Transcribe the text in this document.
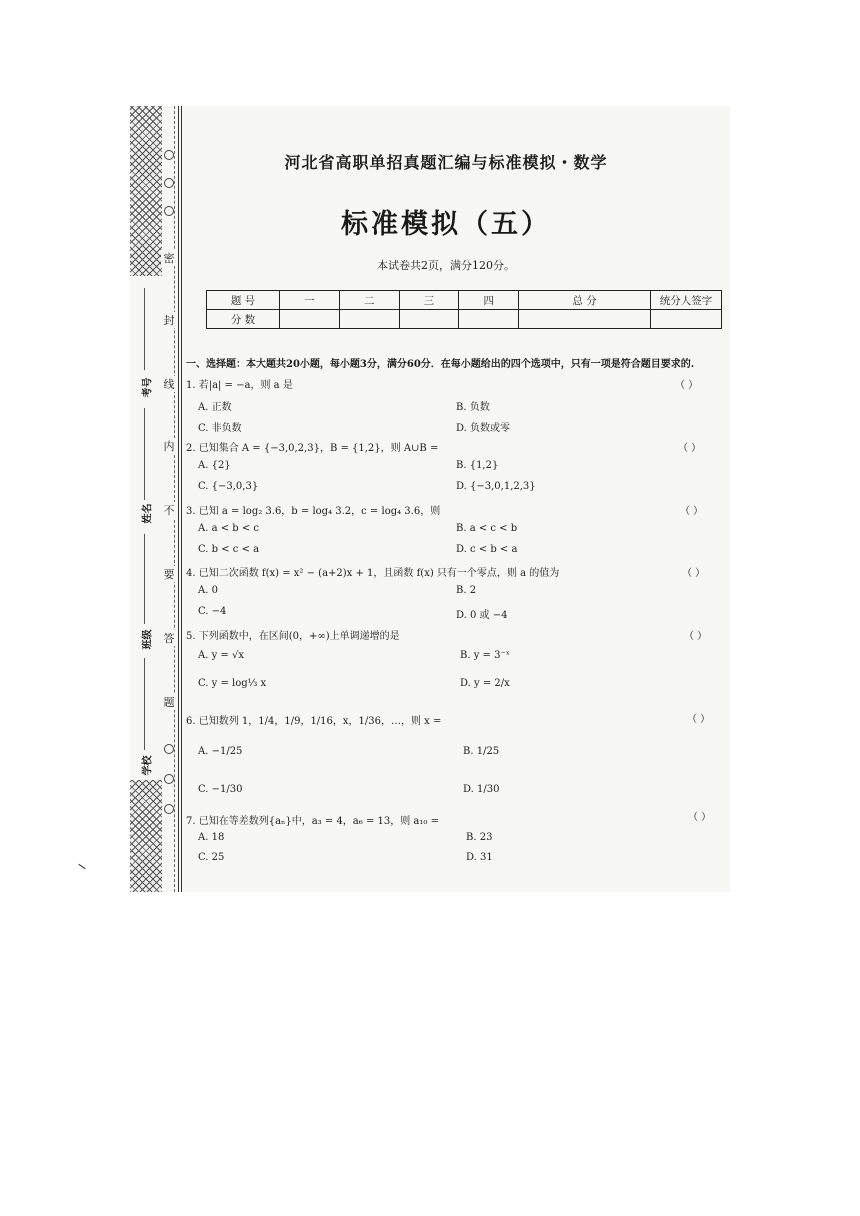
密
封
线
内
不
要
答
题
考号
姓名
班级
学校
河北省高职单招真题汇编与标准模拟・数学
标准模拟（五）
本试卷共2页，满分120分。
题 号	一	二	三	四	总 分	统分人签字
分 数						
一、选择题：本大题共20小题，每小题3分，满分60分．在每小题给出的四个选项中，只有一项是符合题目要求的.
1. 若|a| = −a，则 a 是	（ ）
A. 正数	B. 负数
C. 非负数	D. 负数或零
2. 已知集合 A = {−3,0,2,3}，B = {1,2}，则 A∪B =	（ ）
A. {2}	B. {1,2}
C. {−3,0,3}	D. {−3,0,1,2,3}
3. 已知 a = log₂ 3.6，b = log₄ 3.2，c = log₄ 3.6，则	（ ）
A. a < b < c	B. a < c < b
C. b < c < a	D. c < b < a
4. 已知二次函数 f(x) = x² − (a+2)x + 1，且函数 f(x) 只有一个零点，则 a 的值为	（ ）
A. 0	B. 2
C. −4	D. 0 或 −4
5. 下列函数中，在区间(0，+∞)上单调递增的是	（ ）
A. y = √x	B. y = 3⁻ˣ
C. y = log⅓ x	D. y = 2/x
6. 已知数列 1，1/4，1/9，1/16，x，1/36，…，则 x =	（ ）
A. −1/25	B. 1/25
C. −1/30	D. 1/30
7. 已知在等差数列{aₙ}中，a₃ = 4，a₆ = 13，则 a₁₀ =	（ ）
A. 18	B. 23
C. 25	D. 31
